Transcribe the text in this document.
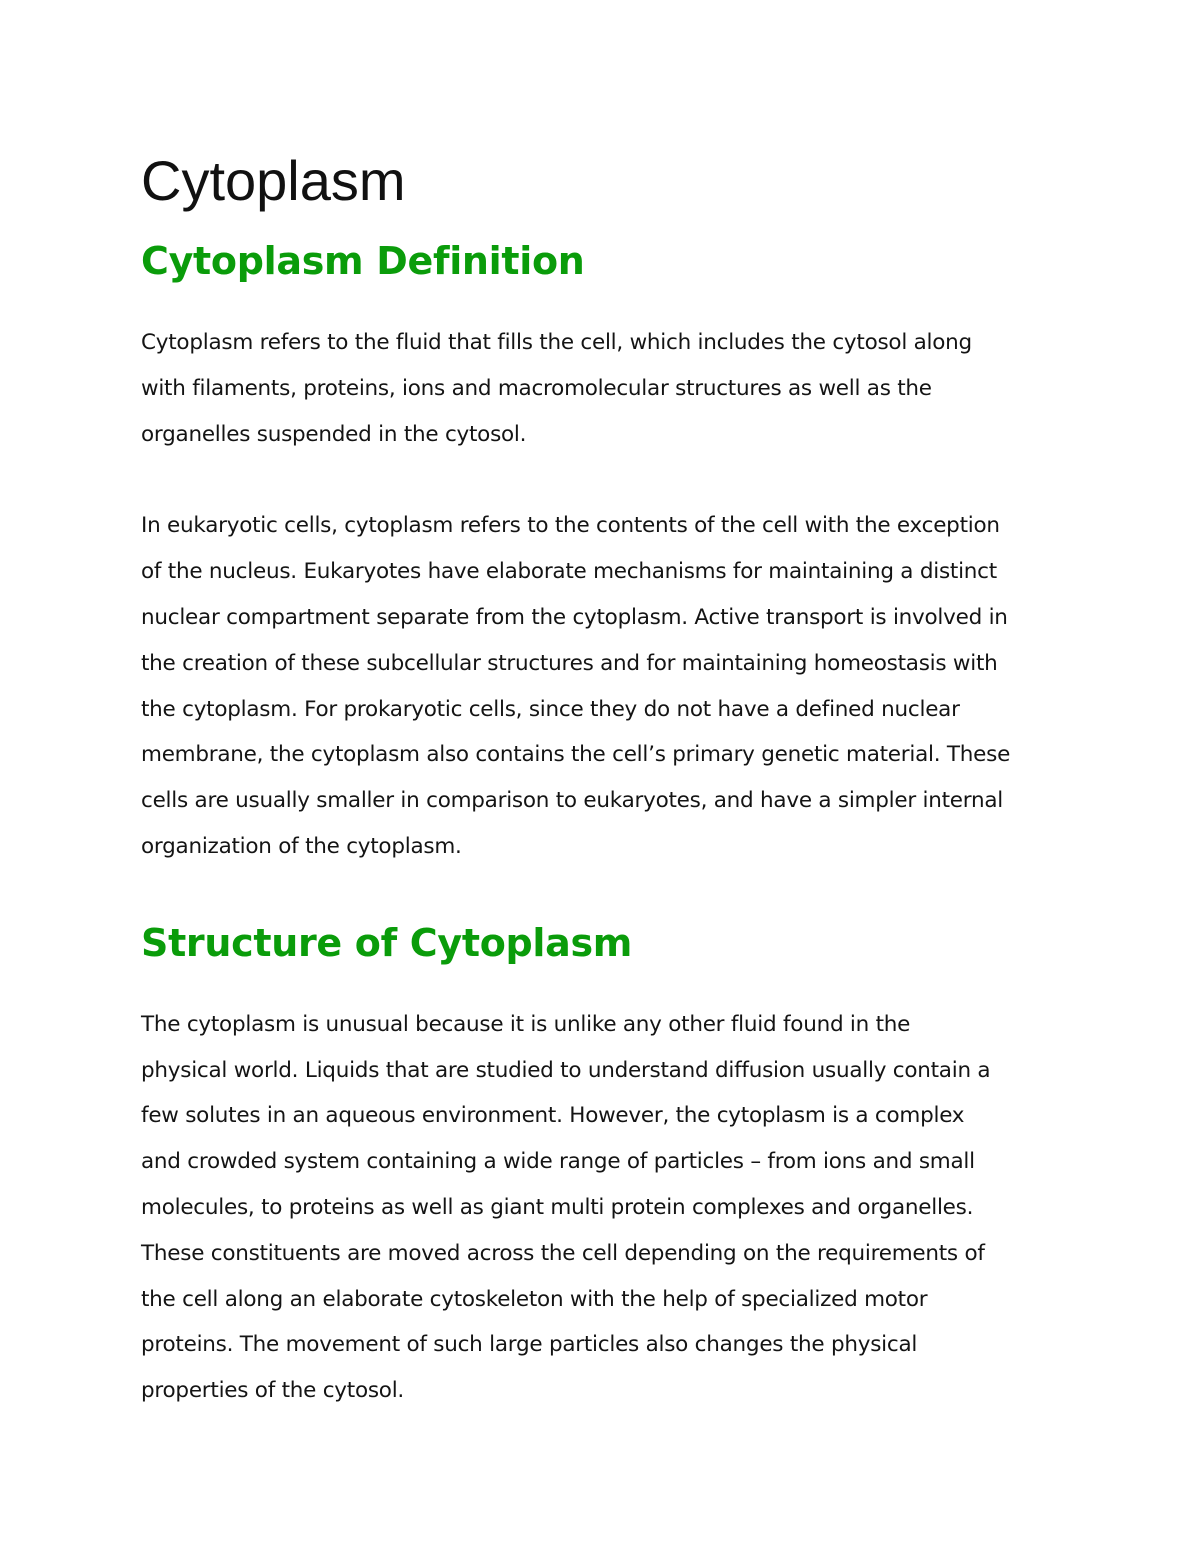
Cytoplasm
Cytoplasm Definition

Cytoplasm refers to the fluid that fills the cell, which includes the cytosol along
with filaments, proteins, ions and macromolecular structures as well as the
organelles suspended in the cytosol.

In eukaryotic cells, cytoplasm refers to the contents of the cell with the exception
of the nucleus. Eukaryotes have elaborate mechanisms for maintaining a distinct
nuclear compartment separate from the cytoplasm. Active transport is involved in
the creation of these subcellular structures and for maintaining homeostasis with
the cytoplasm. For prokaryotic cells, since they do not have a defined nuclear
membrane, the cytoplasm also contains the cell’s primary genetic material. These
cells are usually smaller in comparison to eukaryotes, and have a simpler internal
organization of the cytoplasm.

Structure of Cytoplasm

The cytoplasm is unusual because it is unlike any other fluid found in the
physical world. Liquids that are studied to understand diffusion usually contain a
few solutes in an aqueous environment. However, the cytoplasm is a complex
and crowded system containing a wide range of particles – from ions and small
molecules, to proteins as well as giant multi protein complexes and organelles.
These constituents are moved across the cell depending on the requirements of
the cell along an elaborate cytoskeleton with the help of specialized motor
proteins. The movement of such large particles also changes the physical
properties of the cytosol.
